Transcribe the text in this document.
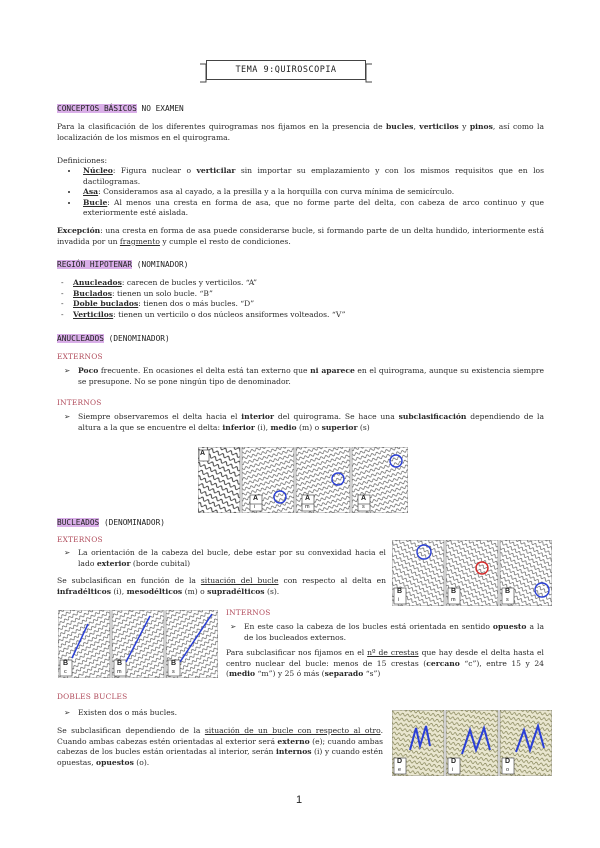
TEMA 9:QUIROSCOPIA
CONCEPTOS BÁSICOS NO EXAMEN
Para la clasificación de los diferentes quirogramas nos fijamos en la presencia de bucles, verticilos y pinos, así como la localización de los mismos en el quirograma.
Definiciones:
• Núcleo: Figura nuclear o verticilar sin importar su emplazamiento y con los mismos requisitos que en los dactilogramas.
• Asa: Consideramos asa al cayado, a la presilla y a la horquilla con curva mínima de semicírculo.
• Bucle: Al menos una cresta en forma de asa, que no forme parte del delta, con cabeza de arco continuo y que exteriormente esté aislada.
Excepción: una cresta en forma de asa puede considerarse bucle, si formando parte de un delta hundido, interiormente está invadida por un fragmento y cumple el resto de condiciones.
REGIÓN HIPOTENAR (NOMINADOR)
- Anucleados: carecen de bucles y verticilos. “A”
- Buclados: tienen un solo bucle. “B”
- Doble buclados: tienen dos o más bucles. “D”
- Verticilos: tienen un verticilo o dos núcleos ansiformes volteados. “V”
ANUCLEADOS (DENOMINADOR)
EXTERNOS
➢ Poco frecuente. En ocasiones el delta está tan externo que ni aparece en el quirograma, aunque su existencia siempre se presupone. No se pone ningún tipo de denominador.
INTERNOS
➢ Siempre observaremos el delta hacia el interior del quirograma. Se hace una subclasificación dependiendo de la altura a la que se encuentre el delta: inferior (i), medio (m) o superior (s)
A
A
i
A
m
A
s
BUCLEADOS (DENOMINADOR)
EXTERNOS
➢ La orientación de la cabeza del bucle, debe estar por su convexidad hacia el lado exterior (borde cubital)
Se subclasifican en función de la situación del bucle con respecto al delta en infradélticos (i), mesodélticos (m) o supradélticos (s).	B
i
B
m
B
s
B
c
B
m
B
s
INTERNOS
➢ En este caso la cabeza de los bucles está orientada en sentido opuesto a la de los bucleados externos.
Para subclasificar nos fijamos en el nº de crestas que hay desde el delta hasta el centro nuclear del bucle: menos de 15 crestas (cercano “c”), entre 15 y 24 (medio “m”) y 25 ó más (separado “s”)
DOBLES BUCLES
➢ Existen dos o más bucles.
Se subclasifican dependiendo de la situación de un bucle con respecto al otro. Cuando ambas cabezas estén orientadas al exterior será externo (e); cuando ambas cabezas de los bucles están orientadas al interior, serán internos (i) y cuando estén opuestas, opuestos (o).	D
e
D
i
D
o
1
